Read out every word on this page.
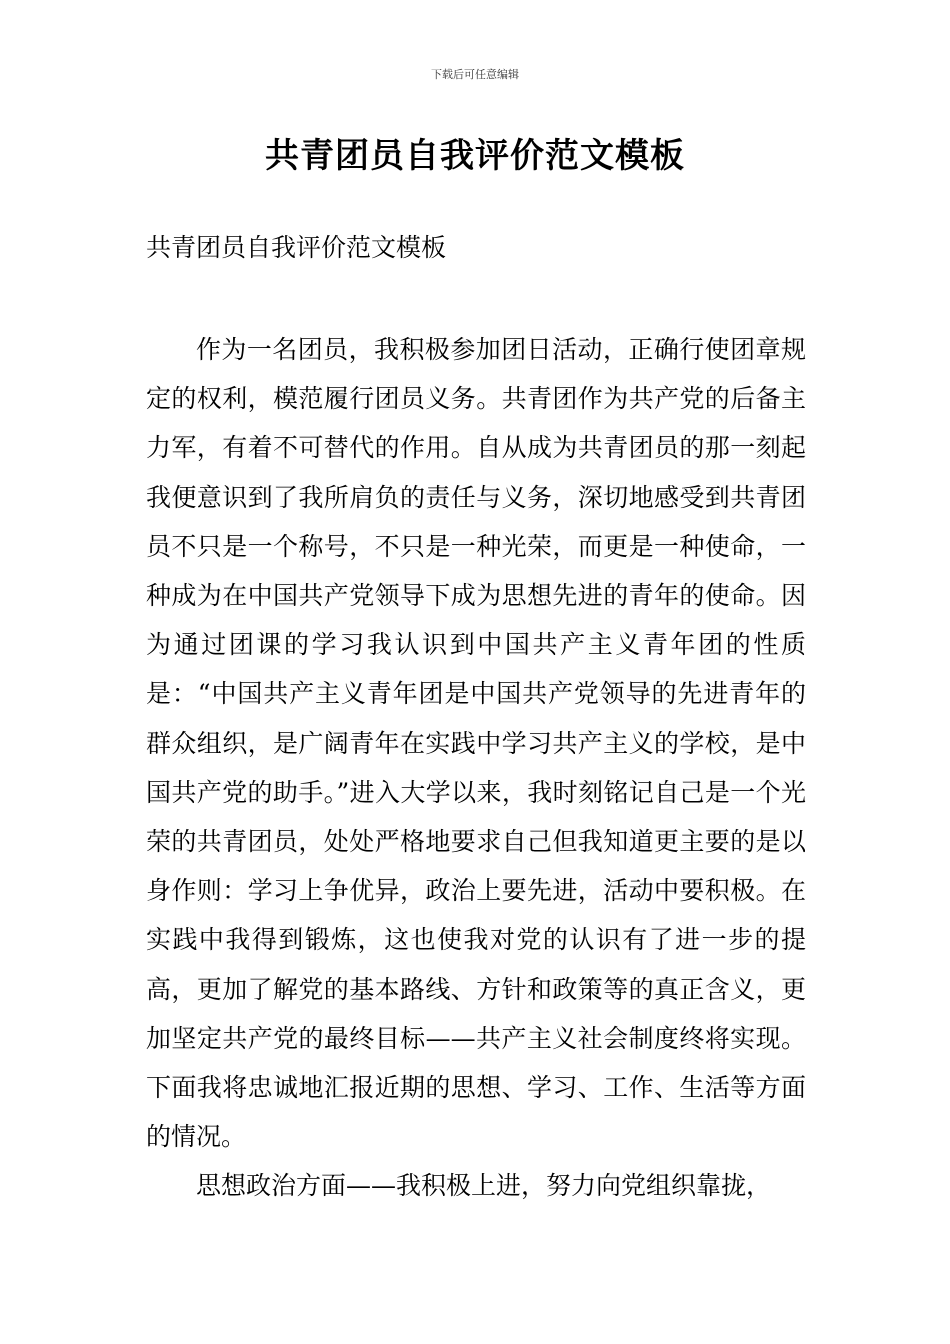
下载后可任意编辑
共青团员自我评价范文模板

共青团员自我评价范文模板

作为一名团员，我积极参加团日活动，正确行使团章规定的权利，模范履行团员义务。共青团作为共产党的后备主力军，有着不可替代的作用。自从成为共青团员的那一刻起我便意识到了我所肩负的责任与义务，深切地感受到共青团员不只是一个称号，不只是一种光荣，而更是一种使命，一种成为在中国共产党领导下成为思想先进的青年的使命。因为通过团课的学习我认识到中国共产主义青年团的性质是：“中国共产主义青年团是中国共产党领导的先进青年的群众组织，是广阔青年在实践中学习共产主义的学校，是中国共产党的助手。”进入大学以来，我时刻铭记自己是一个光荣的共青团员，处处严格地要求自己但我知道更主要的是以身作则：学习上争优异，政治上要先进，活动中要积极。在实践中我得到锻炼，这也使我对党的认识有了进一步的提高，更加了解党的基本路线、方针和政策等的真正含义，更加坚定共产党的最终目标——共产主义社会制度终将实现。下面我将忠诚地汇报近期的思想、学习、工作、生活等方面的情况。

思想政治方面——我积极上进，努力向党组织靠拢，
